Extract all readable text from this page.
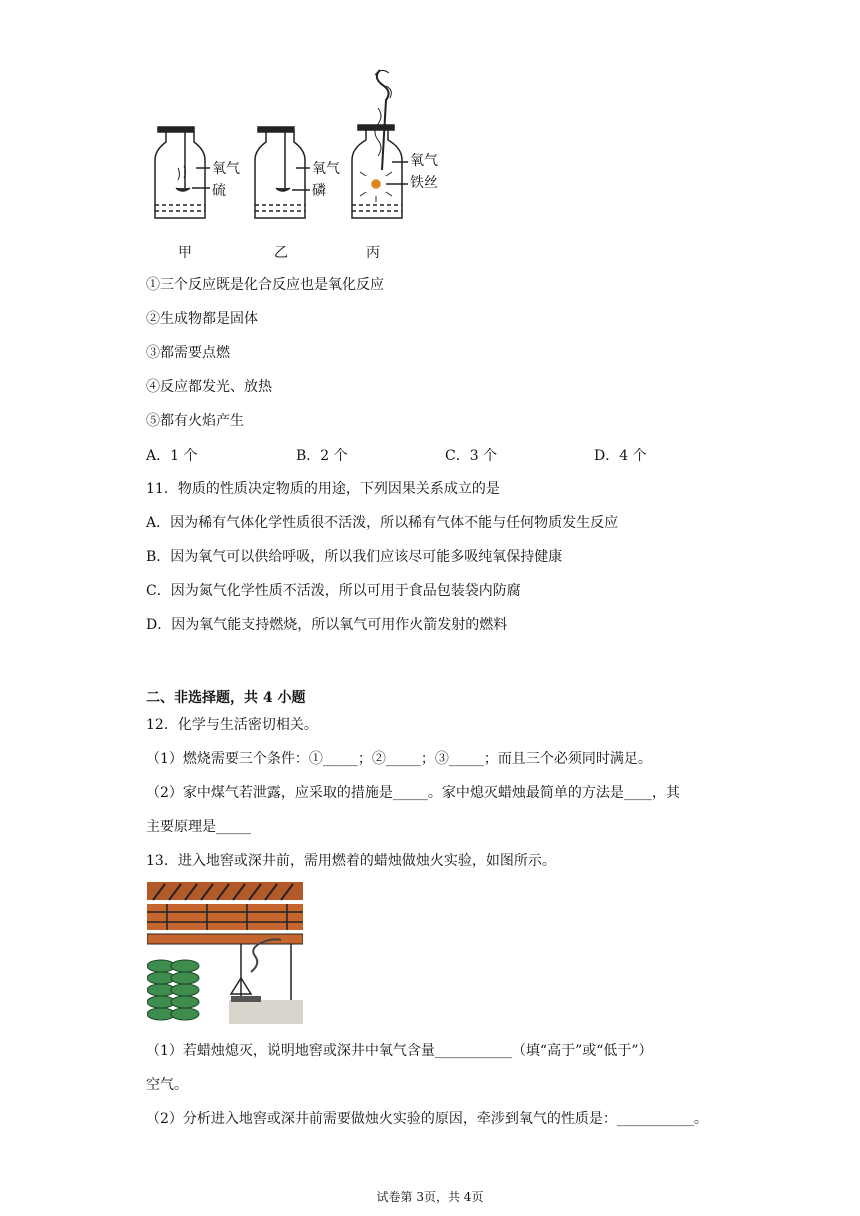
氧气
硫
氧气
磷
氧气
铁丝
甲	乙	丙
①三个反应既是化合反应也是氧化反应
②生成物都是固体
③都需要点燃
④反应都发光、放热
⑤都有火焰产生
A．1 个	B．2 个	C．3 个	D．4 个
11．物质的性质决定物质的用途，下列因果关系成立的是
A．因为稀有气体化学性质很不活泼，所以稀有气体不能与任何物质发生反应
B．因为氧气可以供给呼吸，所以我们应该尽可能多吸纯氧保持健康
C．因为氮气化学性质不活泼，所以可用于食品包装袋内防腐
D．因为氧气能支持燃烧，所以氧气可用作火箭发射的燃料
二、非选择题，共 4 小题
12．化学与生活密切相关。
（1）燃烧需要三个条件：①_____；②_____；③_____；而且三个必须同时满足。
（2）家中煤气若泄露，应采取的措施是_____。家中熄灭蜡烛最简单的方法是____，其
主要原理是_____
13．进入地窖或深井前，需用燃着的蜡烛做烛火实验，如图所示。
（1）若蜡烛熄灭，说明地窖或深井中氧气含量___________（填“高于”或“低于”）
空气。
（2）分析进入地窖或深井前需要做烛火实验的原因，牵涉到氧气的性质是：___________。
试卷第 3页，共 4页
